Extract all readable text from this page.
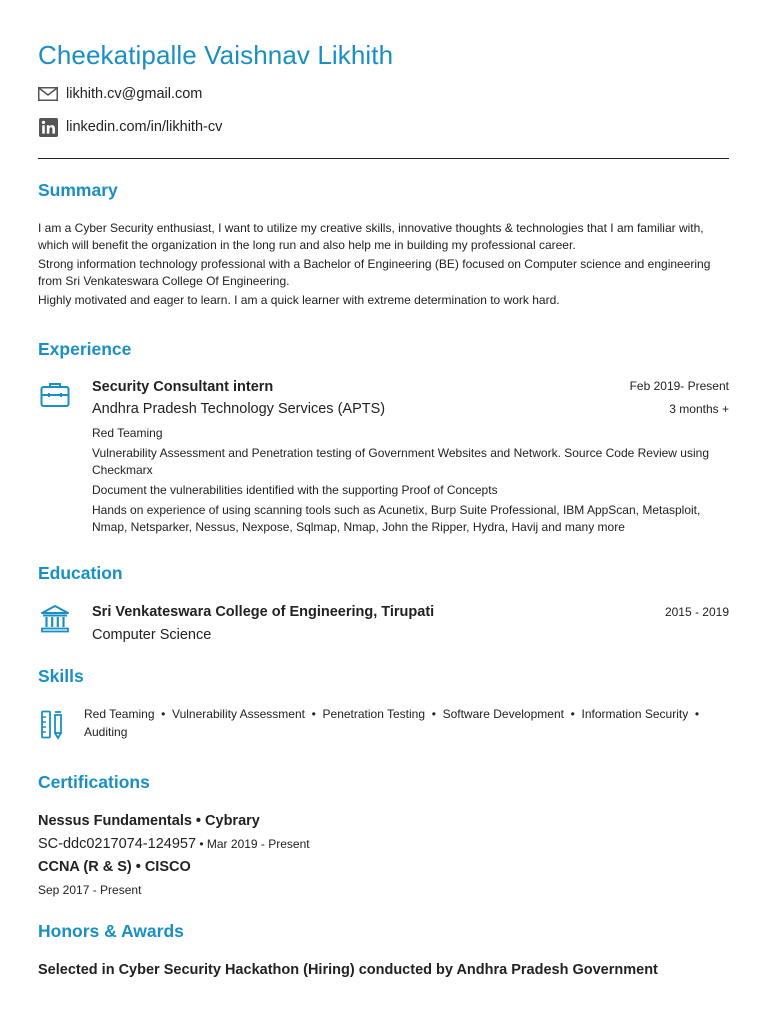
Cheekatipalle Vaishnav Likhith
likhith.cv@gmail.com
linkedin.com/in/likhith-cv
Summary

I am a Cyber Security enthusiast, I want to utilize my creative skills, innovative thoughts & technologies that I am familiar with, which will benefit the organization in the long run and also help me in building my professional career.

Strong information technology professional with a Bachelor of Engineering (BE) focused on Computer science and engineering from Sri Venkateswara College Of Engineering.

Highly motivated and eager to learn. I am a quick learner with extreme determination to work hard.

Experience
Security Consultant intern	Feb 2019- Present
Andhra Pradesh Technology Services (APTS)	3 months +

Red Teaming

Vulnerability Assessment and Penetration testing of Government Websites and Network. Source Code Review using Checkmarx

Document the vulnerabilities identified with the supporting Proof of Concepts

Hands on experience of using scanning tools such as Acunetix, Burp Suite Professional, IBM AppScan, Metasploit, Nmap, Netsparker, Nessus, Nexpose, Sqlmap, Nmap, John the Ripper, Hydra, Havij and many more

Education
Sri Venkateswara College of Engineering, Tirupati	2015 - 2019
Computer Science
Skills
Red Teaming  •  Vulnerability Assessment  •  Penetration Testing  •  Software Development  •  Information Security  •  Auditing
Certifications
Nessus Fundamentals • Cybrary
SC-ddc0217074-124957 • Mar 2019 - Present
CCNA (R & S) • CISCO
Sep 2017 - Present
Honors & Awards
Selected in Cyber Security Hackathon (Hiring) conducted by Andhra Pradesh Government
